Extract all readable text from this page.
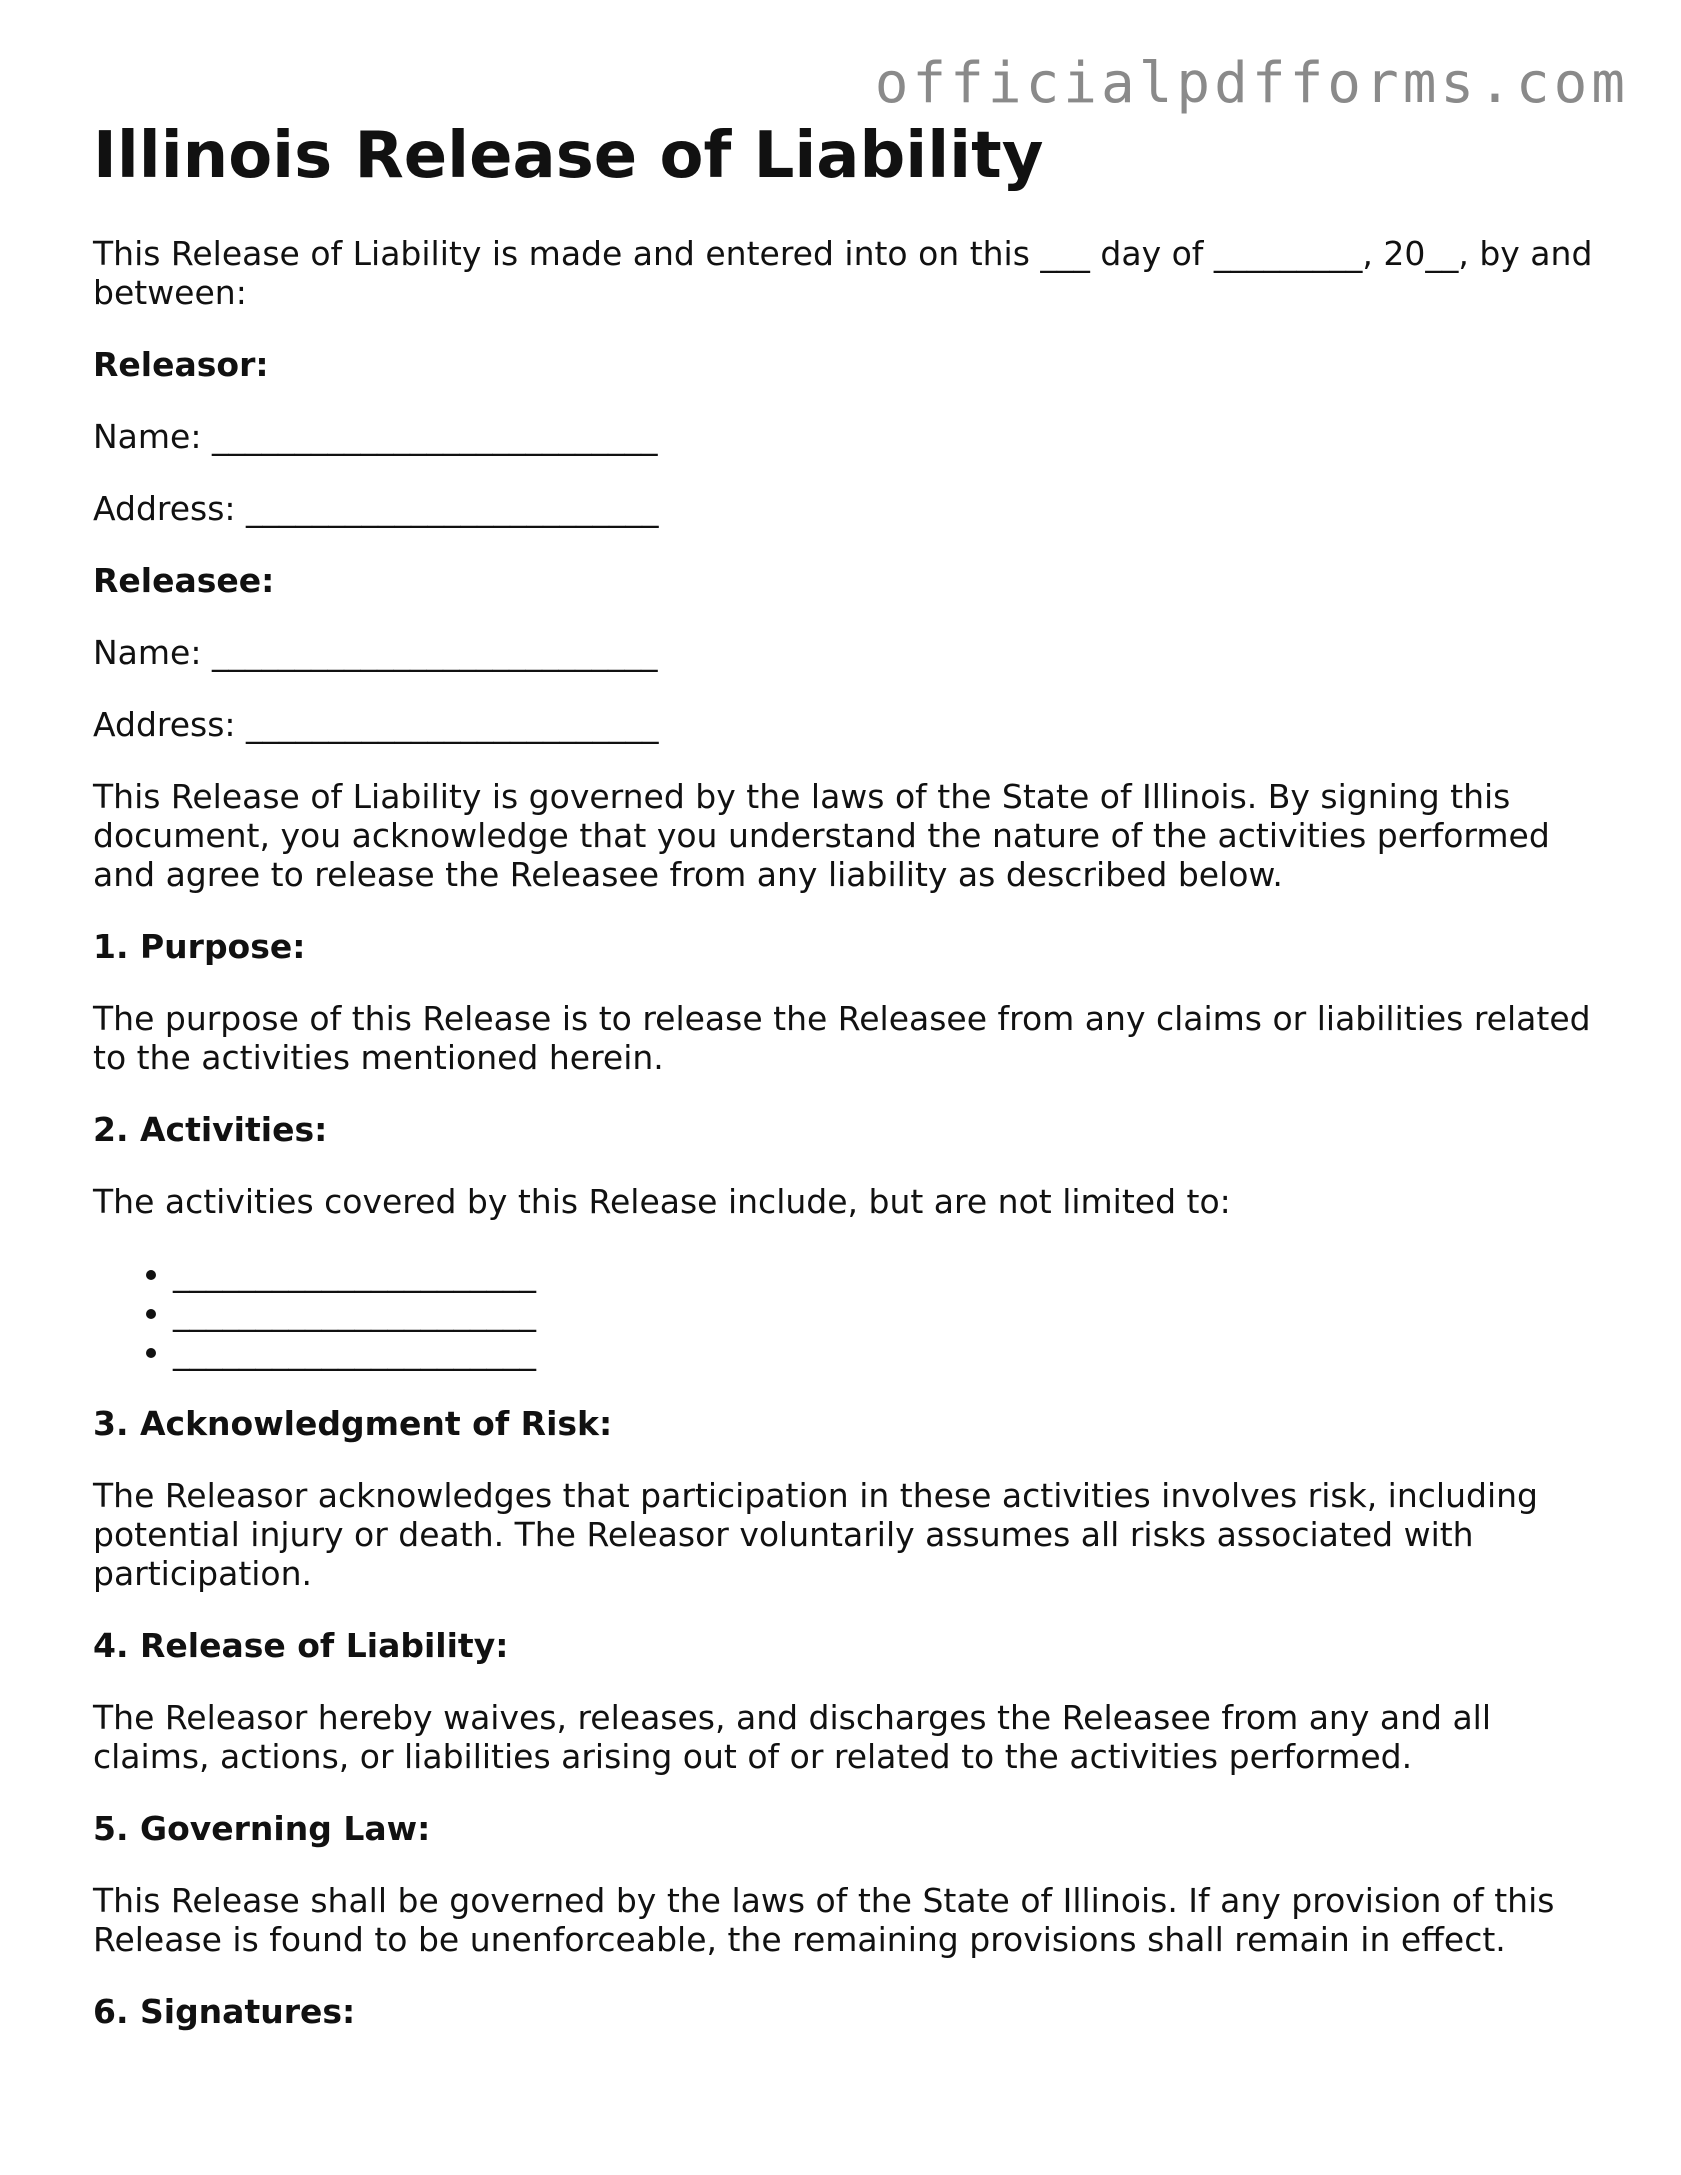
officialpdfforms.com
Illinois Release of Liability

This Release of Liability is made and entered into on this ___ day of _________, 20__, by and between:

Releasor:

Name: ___________________________

Address: _________________________

Releasee:

Name: ___________________________

Address: _________________________

This Release of Liability is governed by the laws of the State of Illinois. By signing this document, you acknowledge that you understand the nature of the activities performed and agree to release the Releasee from any liability as described below.

1. Purpose:

The purpose of this Release is to release the Releasee from any claims or liabilities related to the activities mentioned herein.

2. Activities:

The activities covered by this Release include, but are not limited to:

• ______________________
• ______________________
• ______________________
3. Acknowledgment of Risk:

The Releasor acknowledges that participation in these activities involves risk, including potential injury or death. The Releasor voluntarily assumes all risks associated with participation.

4. Release of Liability:

The Releasor hereby waives, releases, and discharges the Releasee from any and all claims, actions, or liabilities arising out of or related to the activities performed.

5. Governing Law:

This Release shall be governed by the laws of the State of Illinois. If any provision of this Release is found to be unenforceable, the remaining provisions shall remain in effect.

6. Signatures:
